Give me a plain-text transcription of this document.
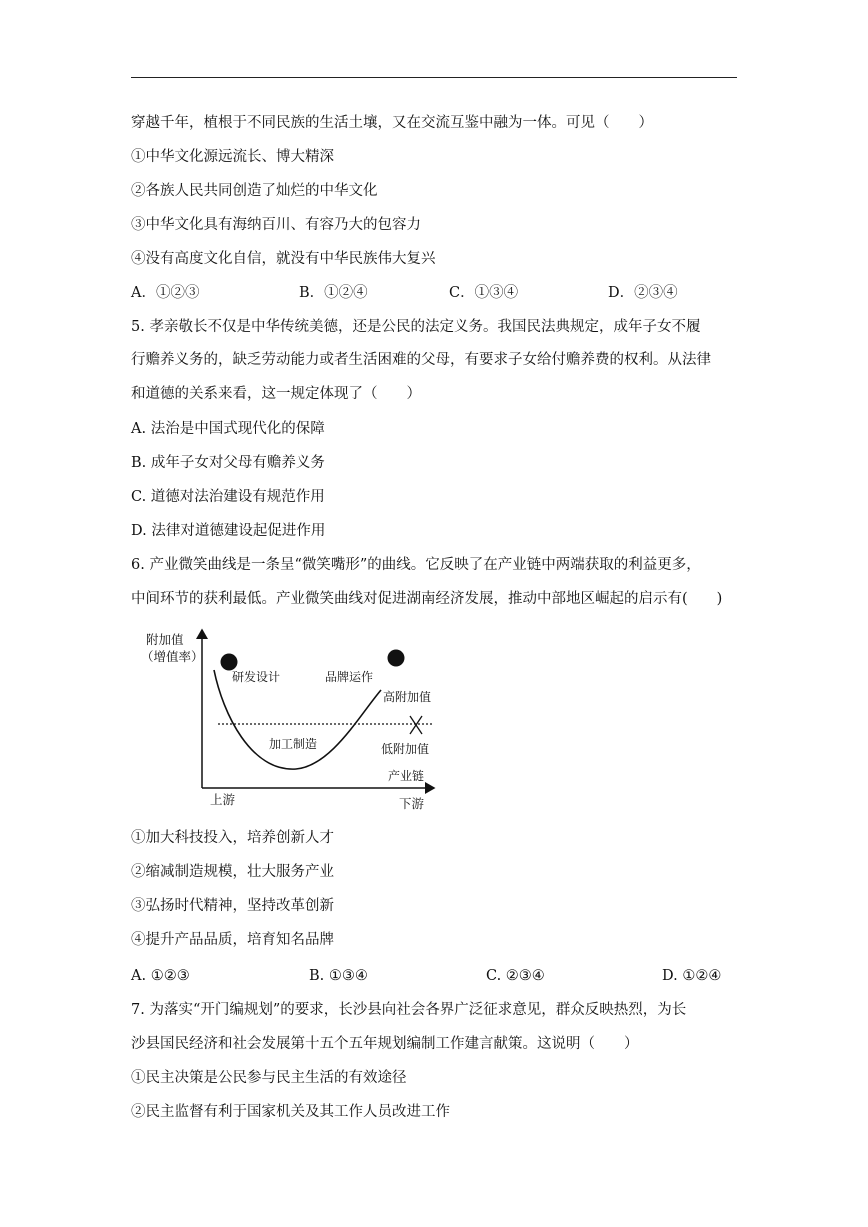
穿越千年，植根于不同民族的生活土壤，又在交流互鉴中融为一体。可见（　　）
①中华文化源远流长、博大精深
②各族人民共同创造了灿烂的中华文化
③中华文化具有海纳百川、有容乃大的包容力
④没有高度文化自信，就没有中华民族伟大复兴
A．①②③	B．①②④	C．①③④	D．②③④
5. 孝亲敬长不仅是中华传统美德，还是公民的法定义务。我国民法典规定，成年子女不履
行赡养义务的，缺乏劳动能力或者生活困难的父母，有要求子女给付赡养费的权利。从法律
和道德的关系来看，这一规定体现了（　　）
A. 法治是中国式现代化的保障
B. 成年子女对父母有赡养义务
C. 道德对法治建设有规范作用
D. 法律对道德建设起促进作用
6. 产业微笑曲线是一条呈“微笑嘴形”的曲线。它反映了在产业链中两端获取的利益更多，
中间环节的获利最低。产业微笑曲线对促进湖南经济发展，推动中部地区崛起的启示有(　　)
附加值
（增值率）
研发设计	品牌运作
高附加值
加工制造	低附加值
产业链
上游	下游
①加大科技投入，培养创新人才
②缩减制造规模，壮大服务产业
③弘扬时代精神，坚持改革创新
④提升产品品质，培育知名品牌
A. ①②③	B. ①③④	C. ②③④	D. ①②④
7. 为落实“开门编规划”的要求，长沙县向社会各界广泛征求意见，群众反映热烈，为长
沙县国民经济和社会发展第十五个五年规划编制工作建言献策。这说明（　　）
①民主决策是公民参与民主生活的有效途径
②民主监督有利于国家机关及其工作人员改进工作
